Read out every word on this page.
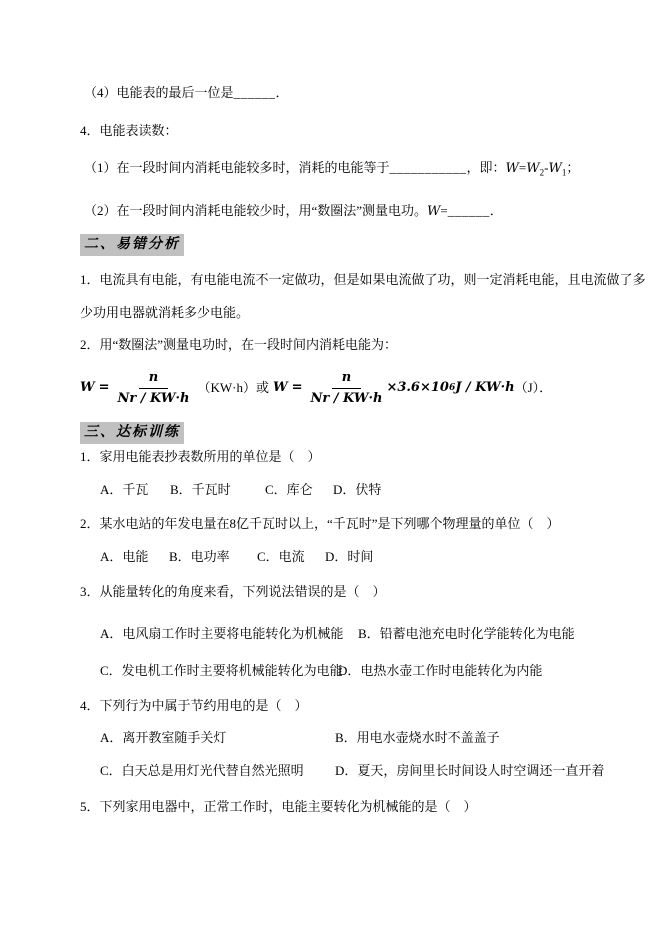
（4）电能表的最后一位是______．
4．电能表读数：
（1）在一段时间内消耗电能较多时，消耗的电能等于___________，即：$W=W_2-W_1$；
（2）在一段时间内消耗电能较少时，用“数圈法”测量电功。W=______．
二、易错分析
1．电流具有电能，有电能电流不一定做功，但是如果电流做了功，则一定消耗电能，且电流做了多
少功用电器就消耗多少电能。
2．用“数圈法”测量电功时，在一段时间内消耗电能为：
$W = \frac{n}{Nr / KW\cdot h} (KW\cdot h)$或 $W = \frac{n}{Nr / KW\cdot h} \times 3.6\times 10$ 6 J / KW·h （J）．
三、达标训练
1．家用电能表抄表数所用的单位是（　）
A．千瓦 B．千瓦时	C．库仑 D．伏特
2．某水电站的年发电量在8亿千瓦时以上，“千瓦时”是下列哪个物理量的单位（　）
A．电能 B．电功率 C．电流 D．时间
3．从能量转化的角度来看，下列说法错误的是（　）
A．电风扇工作时主要将电能转化为机械能	B．铅蓄电池充电时化学能转化为电能
C．发电机工作时主要将机械能转化为电能
D．电热水壶工作时电能转化为内能
4．下列行为中属于节约用电的是（　）
A．离开教室随手关灯	B．用电水壶烧水时不盖盖子
C．白天总是用灯光代替自然光照明	D．夏天，房间里长时间设人时空调还一直开着
5．下列家用电器中，正常工作时，电能主要转化为机械能的是（　）
